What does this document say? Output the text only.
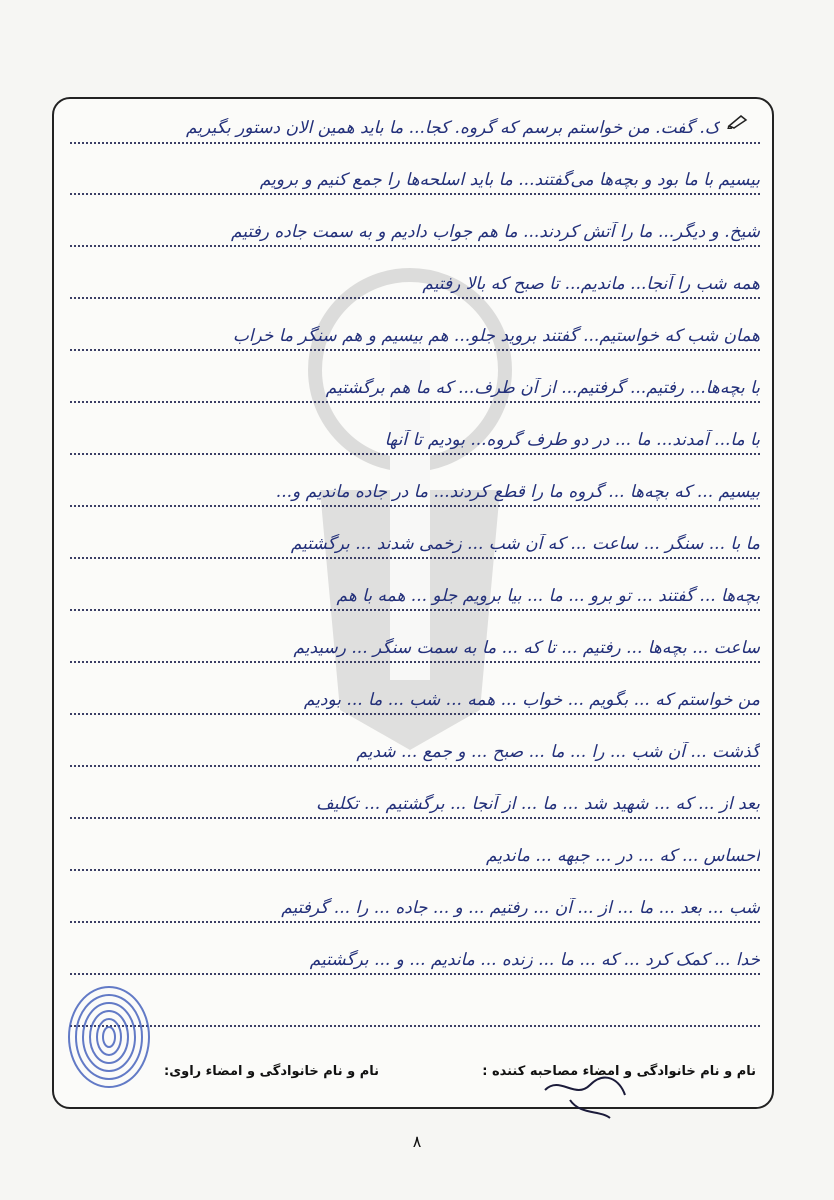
ک. گفت. من خواستم برسم که گروه. کجا... ما باید همین الان دستور بگیریم
بیسیم با ما بود و بچه‌ها می‌گفتند... ما باید اسلحه‌ها را جمع کنیم و برویم
شیخ. و دیگر... ما را آتش کردند... ما هم جواب دادیم و به سمت جاده رفتیم
همه شب را آنجا... ماندیم... تا صبح که بالا رفتیم
همان شب که خواستیم... گفتند بروید جلو... هم بیسیم و هم سنگر ما خراب
با بچه‌ها... رفتیم... گرفتیم... از آن طرف... که ما هم برگشتیم
با ما... آمدند... ما ... در دو طرف گروه... بودیم تا آنها
بیسیم ... که بچه‌ها ... گروه ما را قطع کردند... ما در جاده ماندیم و...
ما با ... سنگر ... ساعت ... که آن شب ... زخمی شدند ... برگشتیم
بچه‌ها ... گفتند ... تو برو ... ما ... بیا برویم جلو ... همه با هم
ساعت ... بچه‌ها ... رفتیم ... تا که ... ما به سمت سنگر ... رسیدیم
من خواستم که ... بگویم ... خواب ... همه ... شب ... ما ... بودیم
گذشت ... آن شب ... را ... ما ... صبح ... و جمع ... شدیم
بعد از ... که ... شهید شد ... ما ... از آنجا ... برگشتیم ... تکلیف
احساس ... که ... در ... جبهه ... ماندیم
شب ... بعد ... ما ... از ... آن ... رفتیم ... و ... جاده ... را ... گرفتیم
خدا ... کمک کرد ... که ... ما ... زنده ... ماندیم ... و ... برگشتیم
نام و نام خانوادگی و امضاء مصاحبه کننده :
نام و نام خانوادگی و امضاء راوی:
۸
